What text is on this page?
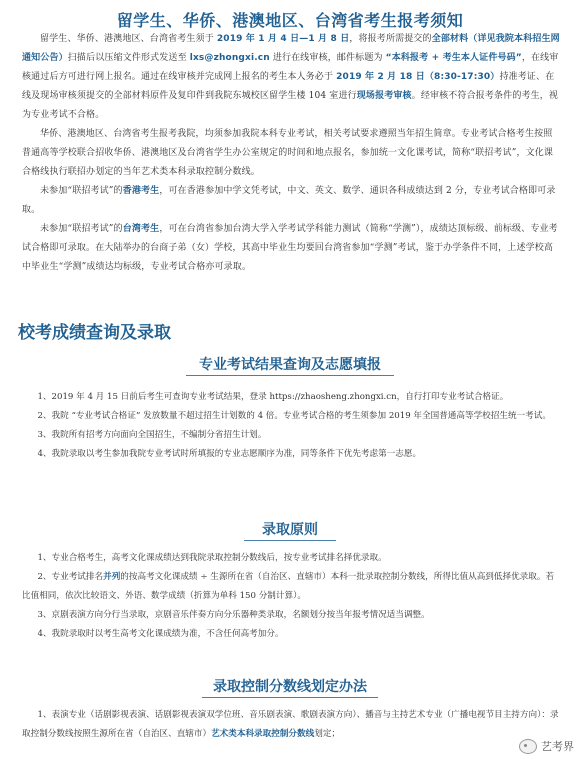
留学生、华侨、港澳地区、台湾省考生报考须知

留学生、华侨、港澳地区、台湾省考生须于 2019 年 1 月 4 日—1 月 8 日，将报考所需提交的全部材料（详见我院本科招生网通知公告）扫描后以压缩文件形式发送至 lxs@zhongxi.cn 进行在线审核，邮件标题为 “本科报考 + 考生本人证件号码”，在线审核通过后方可进行网上报名。通过在线审核并完成网上报名的考生本人务必于 2019 年 2 月 18 日（8:30-17:30）持准考证、在线及现场审核须提交的全部材料原件及复印件到我院东城校区留学生楼 104 室进行现场报考审核。经审核不符合报考条件的考生，视为专业考试不合格。

华侨、港澳地区、台湾省考生报考我院，均须参加我院本科专业考试，相关考试要求遵照当年招生简章。专业考试合格考生按照普通高等学校联合招收华侨、港澳地区及台湾省学生办公室规定的时间和地点报名，参加统一文化课考试，简称“联招考试”，文化课合格线执行联招办划定的当年艺术类本科录取控制分数线。

未参加“联招考试”的香港考生，可在香港参加中学文凭考试，中文、英文、数学、通识各科成绩达到 2 分，专业考试合格即可录取。

未参加“联招考试”的台湾考生，可在台湾省参加台湾大学入学考试学科能力测试（简称“学测”），成绩达顶标级、前标级、专业考试合格即可录取。在大陆举办的台商子弟（女）学校，其高中毕业生均要回台湾省参加“学测”考试，鉴于办学条件不同，上述学校高中毕业生“学测”成绩达均标级，专业考试合格亦可录取。

校考成绩查询及录取
专业考试结果查询及志愿填报

1、2019 年 4 月 15 日前后考生可查询专业考试结果，登录 https://zhaosheng.zhongxi.cn，自行打印专业考试合格证。

2、我院 “专业考试合格证” 发放数量不超过招生计划数的 4 倍。专业考试合格的考生须参加 2019 年全国普通高等学校招生统一考试。

3、我院所有招考方向面向全国招生，不编制分省招生计划。

4、我院录取以考生参加我院专业考试时所填报的专业志愿顺序为准，同等条件下优先考虑第一志愿。

录取原则

1、专业合格考生，高考文化课成绩达到我院录取控制分数线后，按专业考试排名择优录取。

2、专业考试排名并列的按高考文化课成绩 ÷ 生源所在省（自治区、直辖市）本科一批录取控制分数线，所得比值从高到低择优录取。若比值相同，依次比较语文、外语、数学成绩（折算为单科 150 分制计算）。

3、京剧表演方向分行当录取，京剧音乐伴奏方向分乐器种类录取，名额划分按当年报考情况适当调整。

4、我院录取时以考生高考文化课成绩为准，不含任何高考加分。

录取控制分数线划定办法

1、表演专业（话剧影视表演、话剧影视表演双学位班、音乐剧表演、歌剧表演方向）、播音与主持艺术专业（广播电视节目主持方向）：录取控制分数线按照生源所在省（自治区、直辖市）艺术类本科录取控制分数线划定；

艺考界
